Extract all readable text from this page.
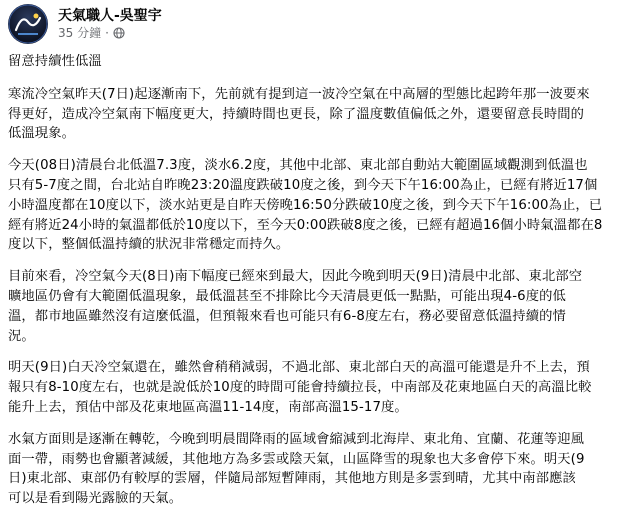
天氣職人-吳聖宇
35 分鐘 ·
留意持續性低溫
寒流冷空氣昨天(7日)起逐漸南下，先前就有提到這一波冷空氣在中高層的型態比起跨年那一波要來
得更好，造成冷空氣南下幅度更大，持續時間也更長，除了溫度數值偏低之外，還要留意長時間的
低溫現象。
今天(08日)清晨台北低溫7.3度，淡水6.2度，其他中北部、東北部自動站大範圍區域觀測到低溫也
只有5-7度之間，台北站自昨晚23:20溫度跌破10度之後，到今天下午16:00為止，已經有將近17個
小時溫度都在10度以下，淡水站更是自昨天傍晚16:50分跌破10度之後，到今天下午16:00為止，已
經有將近24小時的氣溫都低於10度以下，至今天0:00跌破8度之後，已經有超過16個小時氣溫都在8
度以下，整個低溫持續的狀況非常穩定而持久。
目前來看，冷空氣今天(8日)南下幅度已經來到最大，因此今晚到明天(9日)清晨中北部、東北部空
曠地區仍會有大範圍低溫現象，最低溫甚至不排除比今天清晨更低一點點，可能出現4-6度的低
溫，都市地區雖然沒有這麼低溫，但預報來看也可能只有6-8度左右，務必要留意低溫持續的情
況。
明天(9日)白天冷空氣還在，雖然會稍稍減弱，不過北部、東北部白天的高溫可能還是升不上去，預
報只有8-10度左右，也就是說低於10度的時間可能會持續拉長，中南部及花東地區白天的高溫比較
能升上去，預估中部及花東地區高溫11-14度，南部高溫15-17度。
水氣方面則是逐漸在轉乾，今晚到明晨間降雨的區域會縮減到北海岸、東北角、宜蘭、花蓮等迎風
面一帶，雨勢也會顯著減緩，其他地方為多雲或陰天氣，山區降雪的現象也大多會停下來。明天(9
日)東北部、東部仍有較厚的雲層，伴隨局部短暫陣雨，其他地方則是多雲到晴，尤其中南部應該
可以是看到陽光露臉的天氣。
